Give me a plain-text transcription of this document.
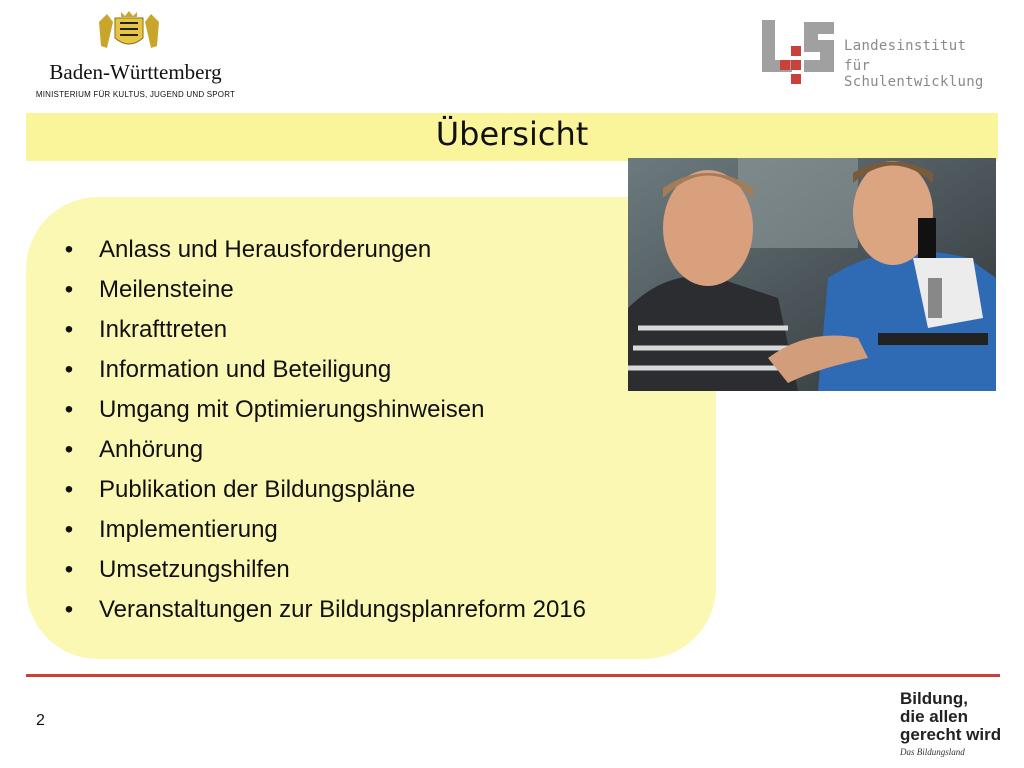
Baden-Württemberg
MINISTERIUM FÜR KULTUS, JUGEND UND SPORT
Landesinstitut
für Schulentwicklung
Übersicht
• Anlass und Herausforderungen
• Meilensteine
• Inkrafttreten
• Information und Beteiligung
• Umgang mit Optimierungshinweisen
• Anhörung
• Publikation der Bildungspläne
• Implementierung
• Umsetzungshilfen
• Veranstaltungen zur Bildungsplanreform 2016
2
Bildung,
die allen
gerecht wird
Das Bildungsland
